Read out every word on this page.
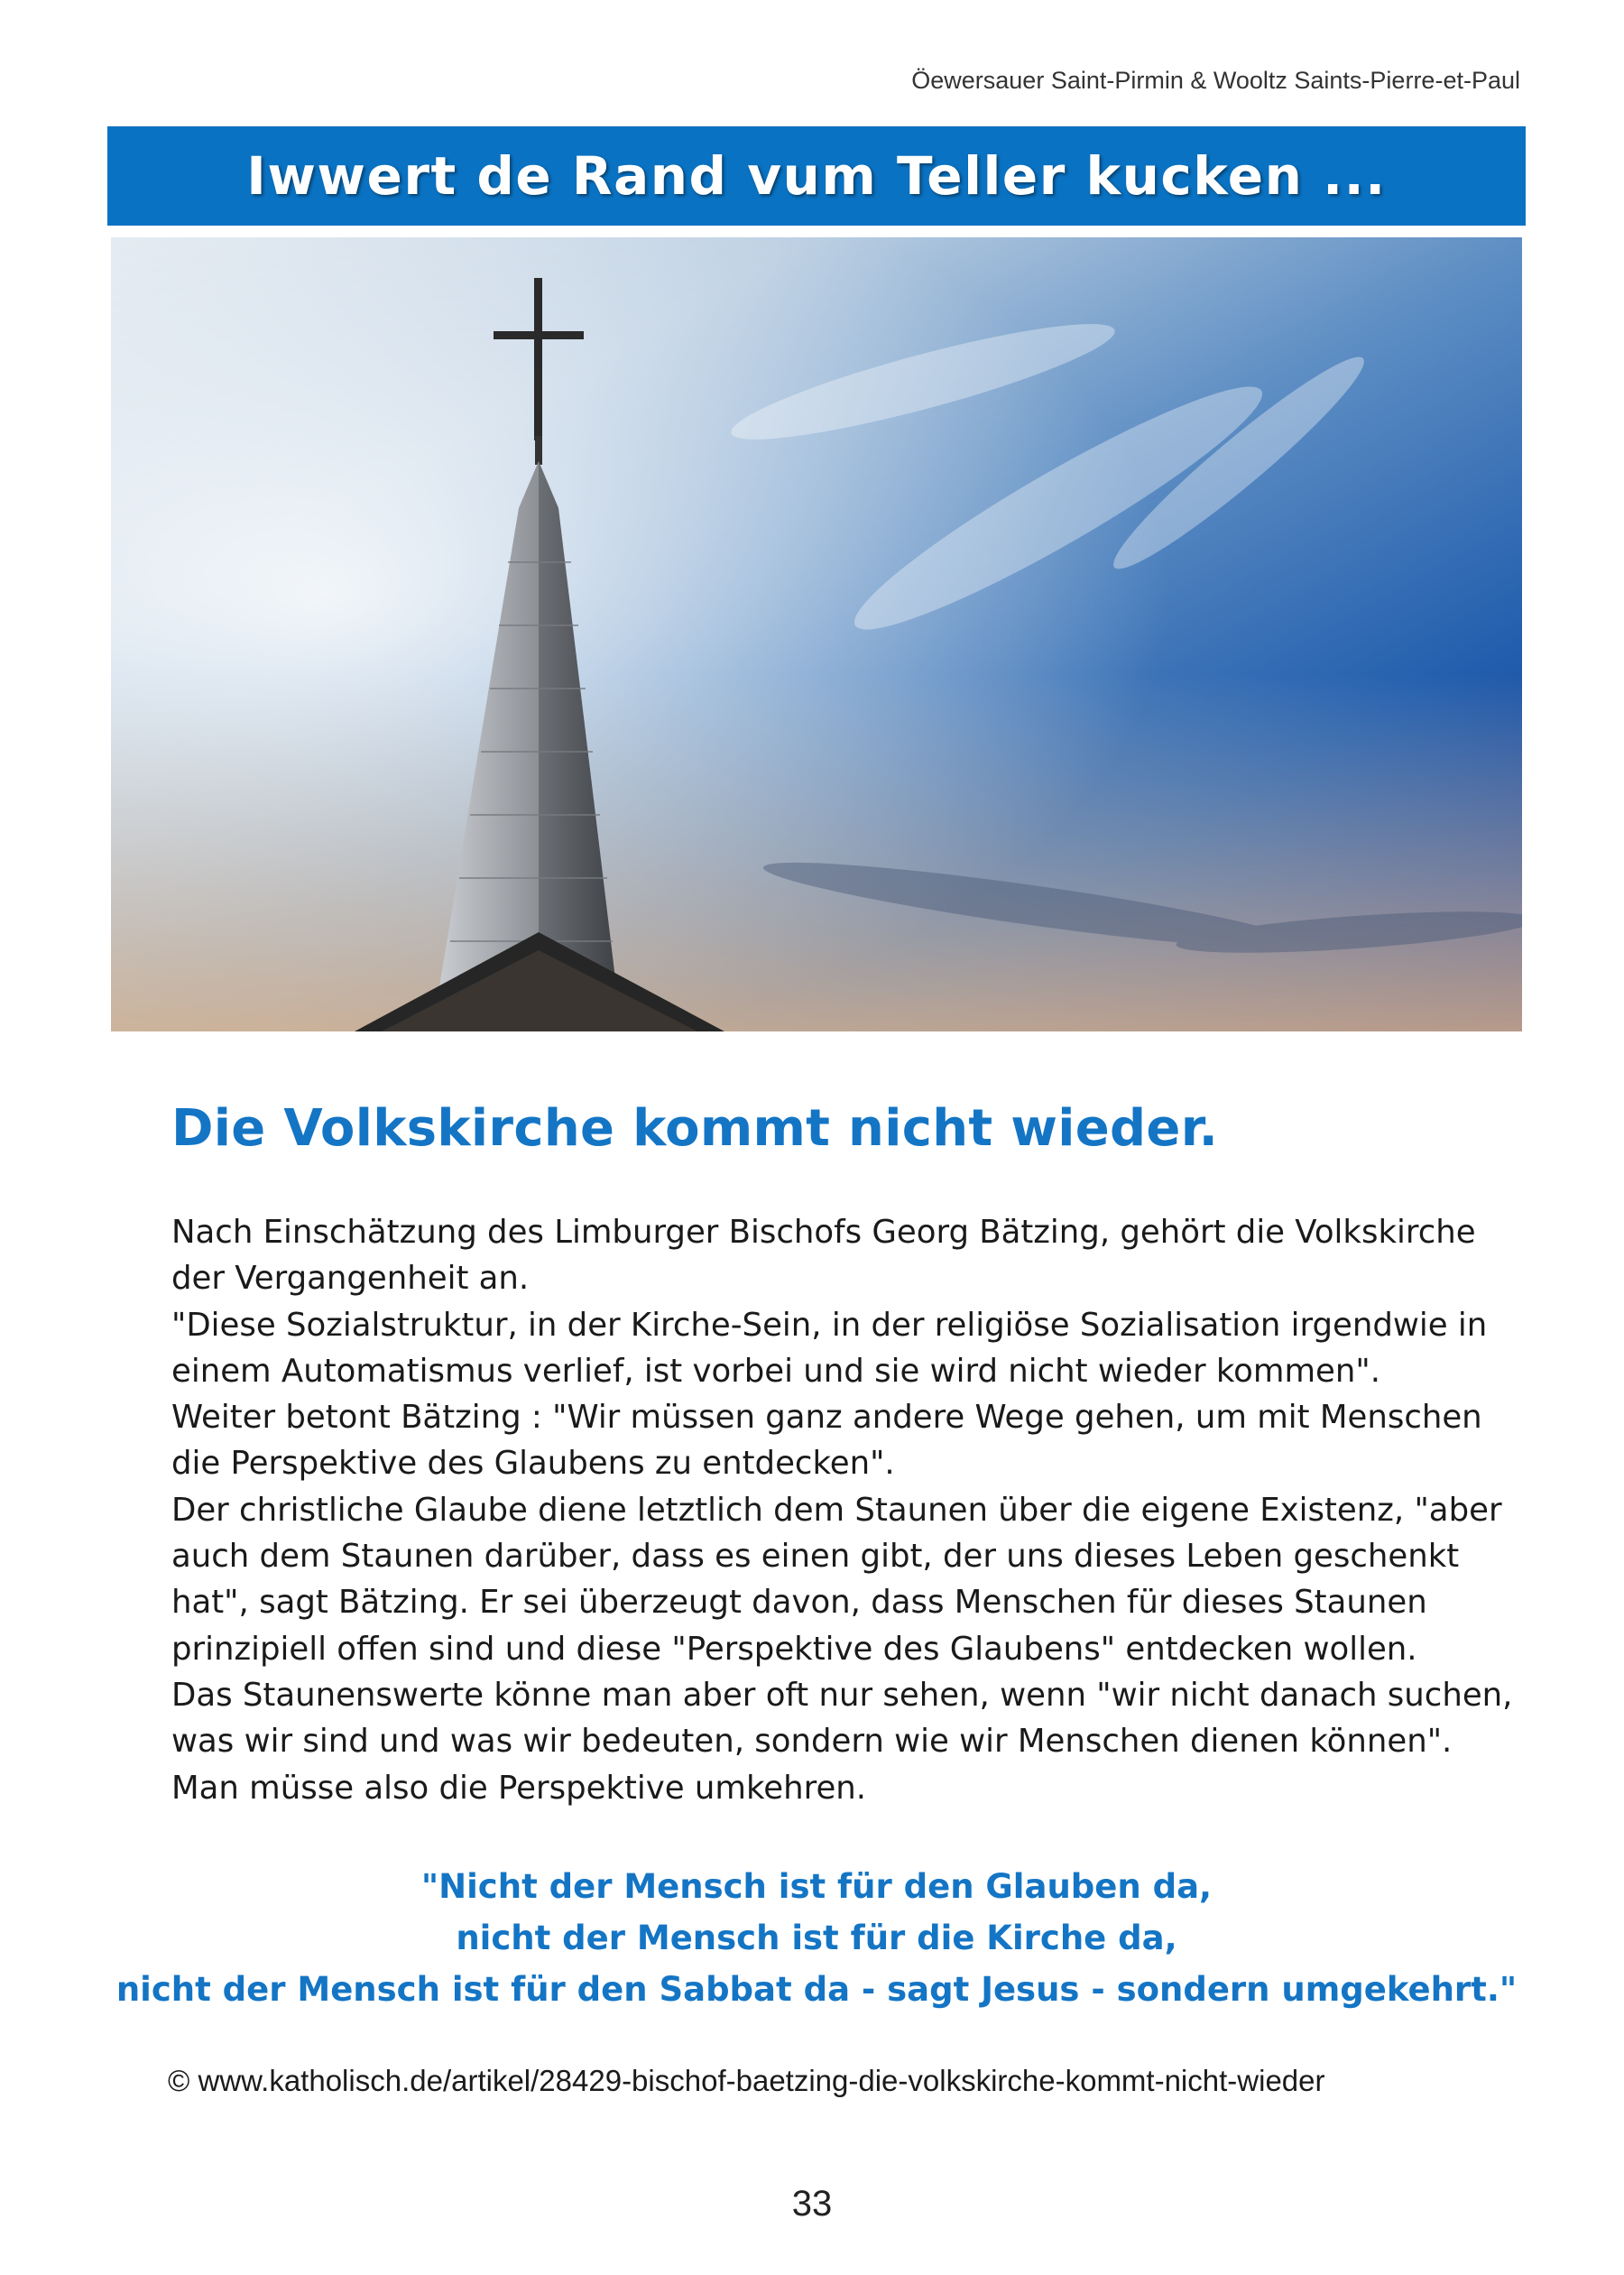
Öewersauer Saint-Pirmin & Wooltz Saints-Pierre-et-Paul
Iwwert de Rand vum Teller kucken ...
Die Volkskirche kommt nicht wieder.
Nach Einschätzung des Limburger Bischofs Georg Bätzing, gehört die Volkskirche
der Vergangenheit an.
"Diese Sozialstruktur, in der Kirche-Sein, in der religiöse Sozialisation irgendwie in
einem Automatismus verlief, ist vorbei und sie wird nicht wieder kommen".
Weiter betont Bätzing : "Wir müssen ganz andere Wege gehen, um mit Menschen
die Perspektive des Glaubens zu entdecken".
Der christliche Glaube diene letztlich dem Staunen über die eigene Existenz, "aber
auch dem Staunen darüber, dass es einen gibt, der uns dieses Leben geschenkt
hat", sagt Bätzing. Er sei überzeugt davon, dass Menschen für dieses Staunen
prinzipiell offen sind und diese "Perspektive des Glaubens" entdecken wollen.
Das Staunenswerte könne man aber oft nur sehen, wenn "wir nicht danach suchen,
was wir sind und was wir bedeuten, sondern wie wir Menschen dienen können".
Man müsse also die Perspektive umkehren.
"Nicht der Mensch ist für den Glauben da,
nicht der Mensch ist für die Kirche da,
nicht der Mensch ist für den Sabbat da - sagt Jesus - sondern umgekehrt."
© www.katholisch.de/artikel/28429-bischof-baetzing-die-volkskirche-kommt-nicht-wieder
33
